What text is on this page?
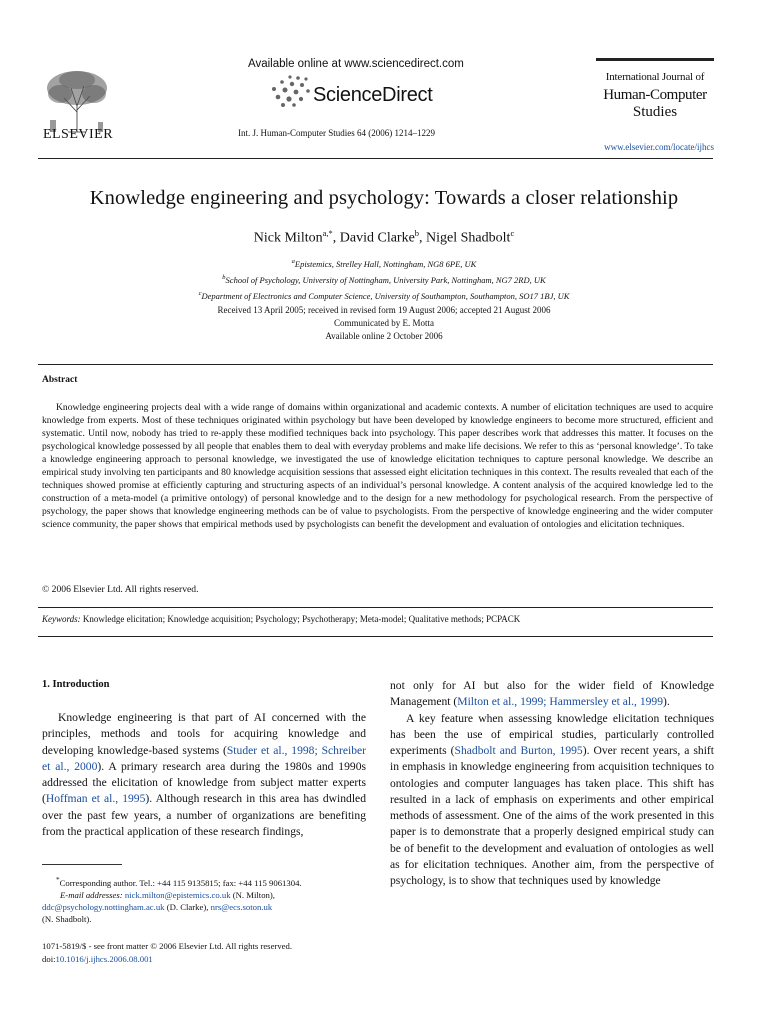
ELSEVIER
Available online at www.sciencedirect.com
ScienceDirect
Int. J. Human-Computer Studies 64 (2006) 1214–1229
International Journal of
Human-Computer
Studies
www.elsevier.com/locate/ijhcs
Knowledge engineering and psychology: Towards a closer relationship
Nick Milton$^{a,*}$, David Clarke$^b$, Nigel Shadbolt$^c$
$^a$Epistemics, Strelley Hall, Nottingham, NG8 6PE, UK
$^b$School of Psychology, University of Nottingham, University Park, Nottingham, NG7 2RD, UK
$^c$Department of Electronics and Computer Science, University of Southampton, Southampton, SO17 1BJ, UK
Received 13 April 2005; received in revised form 19 August 2006; accepted 21 August 2006
Communicated by E. Motta
Available online 2 October 2006
Abstract

Knowledge engineering projects deal with a wide range of domains within organizational and academic contexts. A number of elicitation techniques are used to acquire knowledge from experts. Most of these techniques originated within psychology but have been developed by knowledge engineers to become more structured, efficient and systematic. Until now, nobody has tried to re-apply these modified techniques back into psychology. This paper describes work that addresses this matter. It focuses on the psychological knowledge possessed by all people that enables them to deal with everyday problems and make life decisions. We refer to this as ‘personal knowledge’. To take a knowledge engineering approach to personal knowledge, we investigated the use of knowledge elicitation techniques to capture personal knowledge. We describe an empirical study involving ten participants and 80 knowledge acquisition sessions that assessed eight elicitation techniques in this context. The results revealed that each of the techniques showed promise at efficiently capturing and structuring aspects of an individual’s personal knowledge. A content analysis of the acquired knowledge led to the construction of a meta-model (a primitive ontology) of personal knowledge and to the design for a new methodology for psychological research. From the perspective of psychology, the paper shows that knowledge engineering methods can be of value to psychologists. From the perspective of knowledge engineering and the wider computer science community, the paper shows that empirical methods used by psychologists can benefit the development and evaluation of ontologies and elicitation techniques.

© 2006 Elsevier Ltd. All rights reserved.
Keywords: Knowledge elicitation; Knowledge acquisition; Psychology; Psychotherapy; Meta-model; Qualitative methods; PCPACK
1. Introduction

Knowledge engineering is that part of AI concerned with the principles, methods and tools for acquiring knowledge and developing knowledge-based systems (Studer et al., 1998; Schreiber et al., 2000). A primary research area during the 1980s and 1990s addressed the elicitation of knowledge from subject matter experts (Hoffman et al., 1995). Although research in this area has dwindled over the past few years, a number of organizations are benefiting from the practical application of these research findings,

not only for AI but also for the wider field of Knowledge Management (Milton et al., 1999; Hammersley et al., 1999).

A key feature when assessing knowledge elicitation techniques has been the use of empirical studies, particularly controlled experiments (Shadbolt and Burton, 1995). Over recent years, a shift in emphasis in knowledge engineering from acquisition techniques to ontologies and computer languages has taken place. This shift has resulted in a lack of emphasis on experiments and other empirical methods of assessment. One of the aims of the work presented in this paper is to demonstrate that a properly designed empirical study can be of benefit to the development and evaluation of ontologies as well as for elicitation techniques. Another aim, from the perspective of psychology, is to show that techniques used by knowledge

*Corresponding author. Tel.: +44 115 9135815; fax: +44 115 9061304.
E-mail addresses: nick.milton@epistemics.co.uk (N. Milton),
ddc@psychology.nottingham.ac.uk (D. Clarke), nrs@ecs.soton.uk
(N. Shadbolt).
1071-5819/$ - see front matter © 2006 Elsevier Ltd. All rights reserved.
doi:10.1016/j.ijhcs.2006.08.001
